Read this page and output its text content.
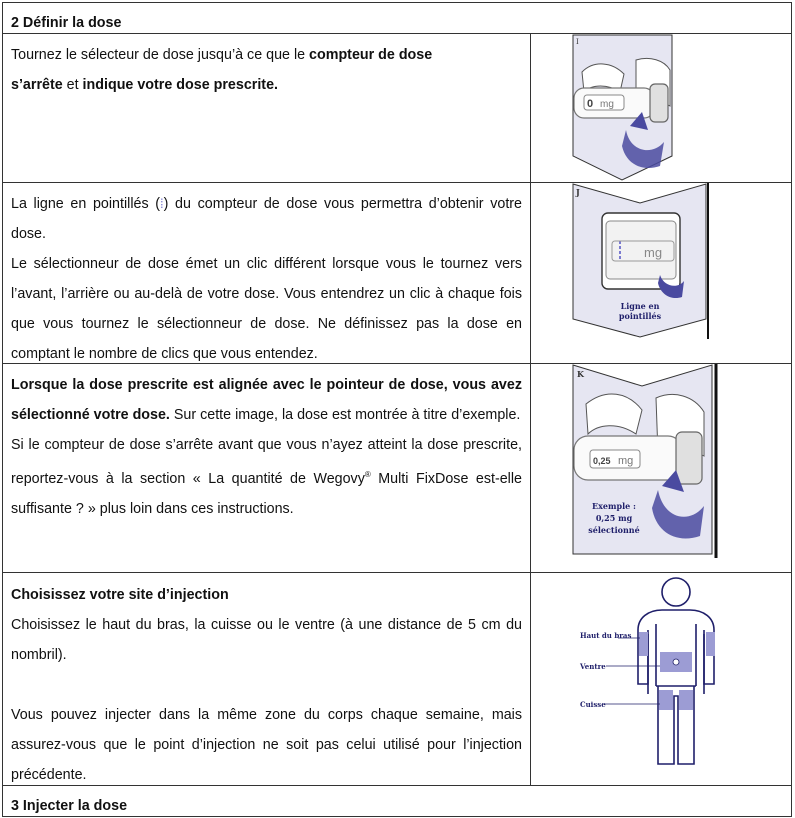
2 Définir la dose

Tournez le sélecteur de dose jusqu’à ce que le compteur de dose

s’arrête et indique votre dose prescrite.

I
0 mg

La ligne en pointillés (⁞) du compteur de dose vous permettra d’obtenir votre dose.

Le sélectionneur de dose émet un clic différent lorsque vous le tournez vers l’avant, l’arrière ou au-delà de votre dose. Vous entendrez un clic à chaque fois que vous tournez le sélectionneur de dose. Ne définissez pas la dose en comptant le nombre de clics que vous entendez.

J
mg
Ligne en
pointillés

Lorsque la dose prescrite est alignée avec le pointeur de dose, vous avez sélectionné votre dose. Sur cette image, la dose est montrée à titre d’exemple.

Si le compteur de dose s’arrête avant que vous n’ayez atteint la dose prescrite, reportez-vous à la section « La quantité de Wegovy® Multi FixDose est-elle suffisante ? » plus loin dans ces instructions.

K
0,25 mg
Exemple :
0,25 mg
sélectionné

Choisissez votre site d’injection

Choisissez le haut du bras, la cuisse ou le ventre (à une distance de 5 cm du nombril).

Vous pouvez injecter dans la même zone du corps chaque semaine, mais assurez-vous que le point d’injection ne soit pas celui utilisé pour l’injection précédente.

Haut du bras
Ventre
Cuisse
3 Injecter la dose
